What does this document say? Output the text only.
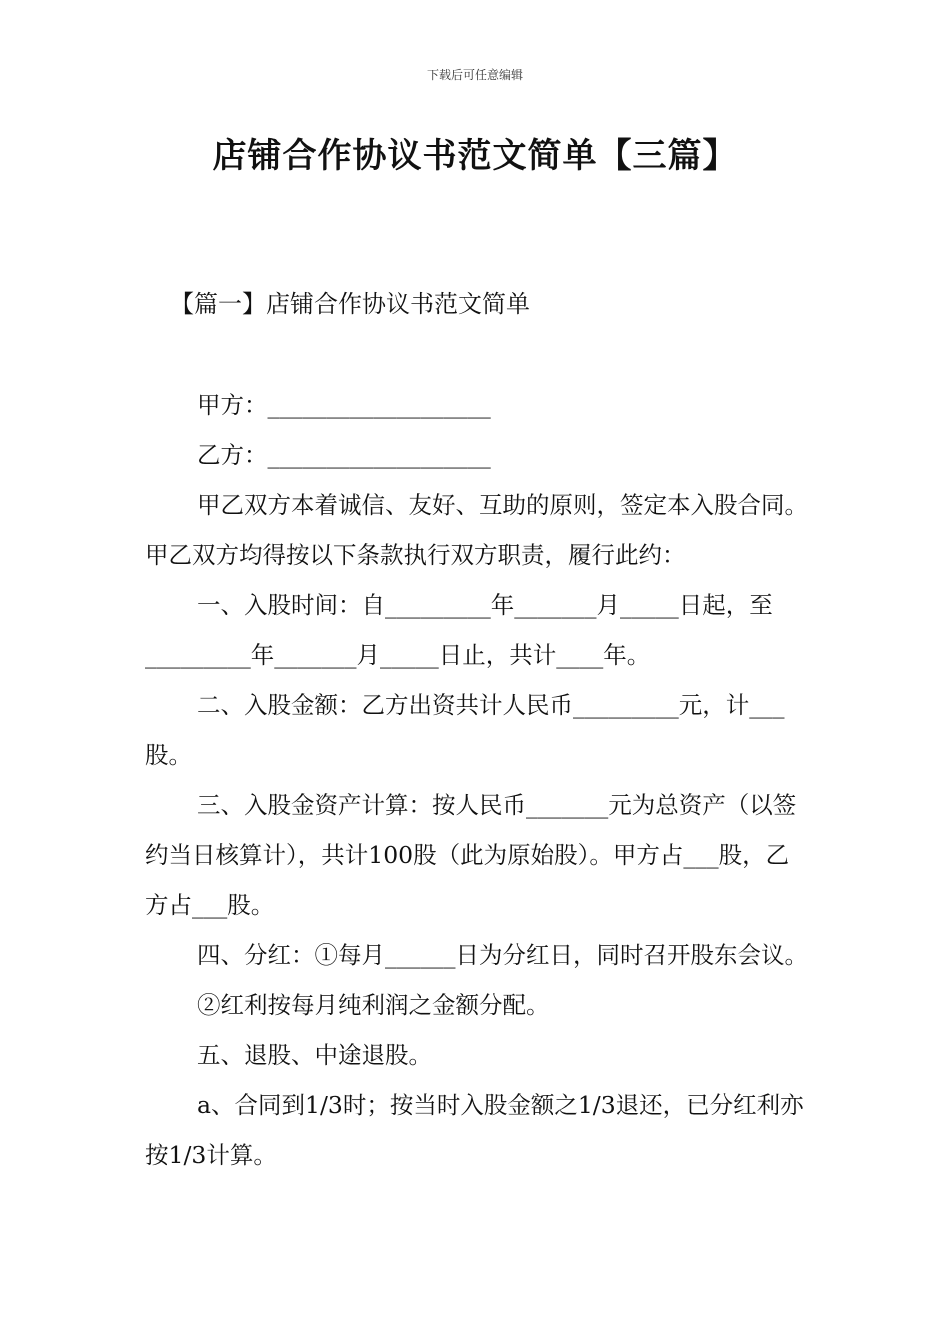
下载后可任意编辑
店铺合作协议书范文简单【三篇】
【篇一】店铺合作协议书范文简单

甲方：___________________

乙方：___________________

甲乙双方本着诚信、友好、互助的原则，签定本入股合同。甲乙双方均得按以下条款执行双方职责，履行此约：

一、入股时间：自_________年_______月_____日起，至_________年_______月_____日止，共计____年。

二、入股金额：乙方出资共计人民币_________元，计___股。

三、入股金资产计算：按人民币_______元为总资产（以签约当日核算计），共计100股（此为原始股）。甲方占___股，乙方占___股。

四、分红：①每月______日为分红日，同时召开股东会议。

②红利按每月纯利润之金额分配。

五、退股、中途退股。

a、合同到1/3时；按当时入股金额之1/3退还，已分红利亦按1/3计算。
